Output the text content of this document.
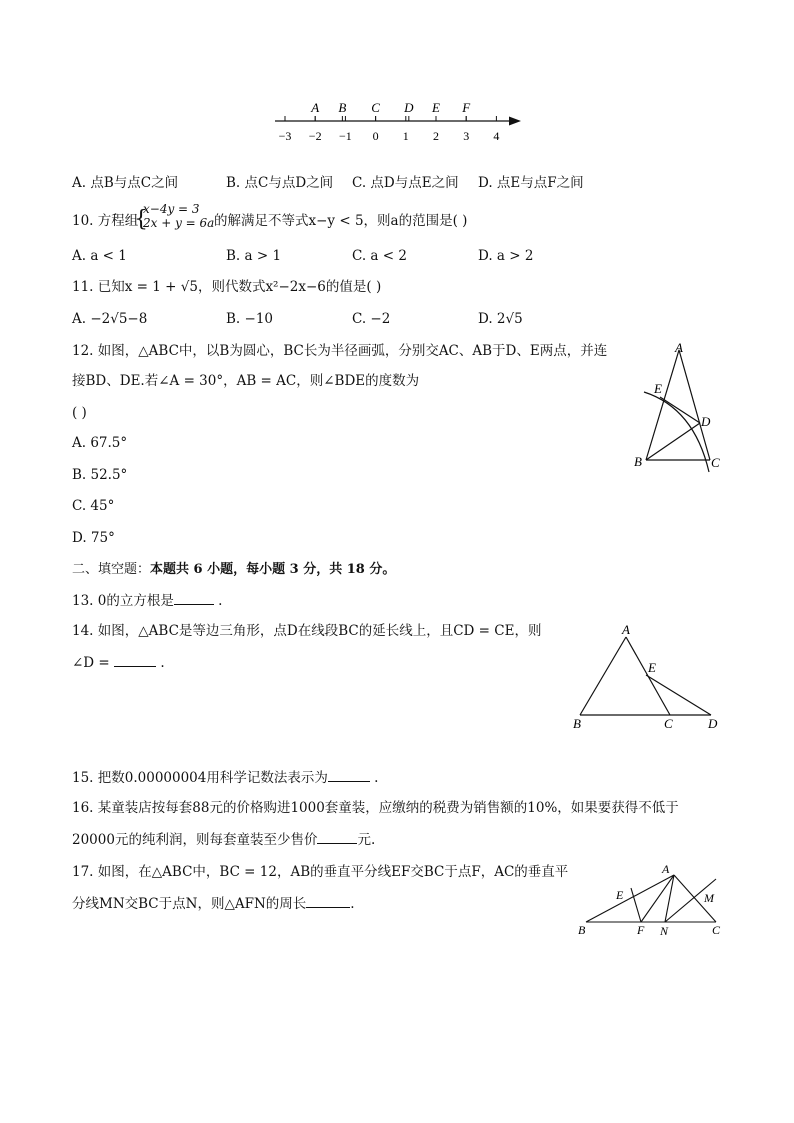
−3 −2 −1 0 1 2 3 4
A B C D E F
A. 点B与点C之间	B. 点C与点D之间 C. 点D与点E之间 D. 点E与点F之间
10. 方程组
{
x−4y = 3
2x + y = 6a 的解满足不等式x−y < 5，则a的范围是( )
A. a < 1	B. a > 1	C. a < 2	D. a > 2
11. 已知x = 1 + √5，则代数式x²−2x−6的值是( )
A. −2√5−8	B. −10	C. −2	D. 2√5
12. 如图，△ABC中，以B为圆心，BC长为半径画弧，分别交AC、AB于D、E两点，并连
接BD、DE.若∠A = 30°，AB = AC，则∠BDE的度数为
( )
A. 67.5°
B. 52.5°
C. 45°
D. 75°
A
E
D
B	C
二、填空题：本题共 6 小题，每小题 3 分，共 18 分。
13. 0的立方根是	.
14. 如图，△ABC是等边三角形，点D在线段BC的延长线上，且CD = CE，则
∠D =	.
A
E
B	C	D
15. 把数0.00000004用科学记数法表示为	.
16. 某童装店按每套88元的价格购进1000套童装，应缴纳的税费为销售额的10%，如果要获得不低于
20000元的纯利润，则每套童装至少售价	元.
17. 如图，在△ABC中，BC = 12，AB的垂直平分线EF交BC于点F，AC的垂直平
分线MN交BC于点N，则△AFN的周长	.
A
E	M
B	F N	C
